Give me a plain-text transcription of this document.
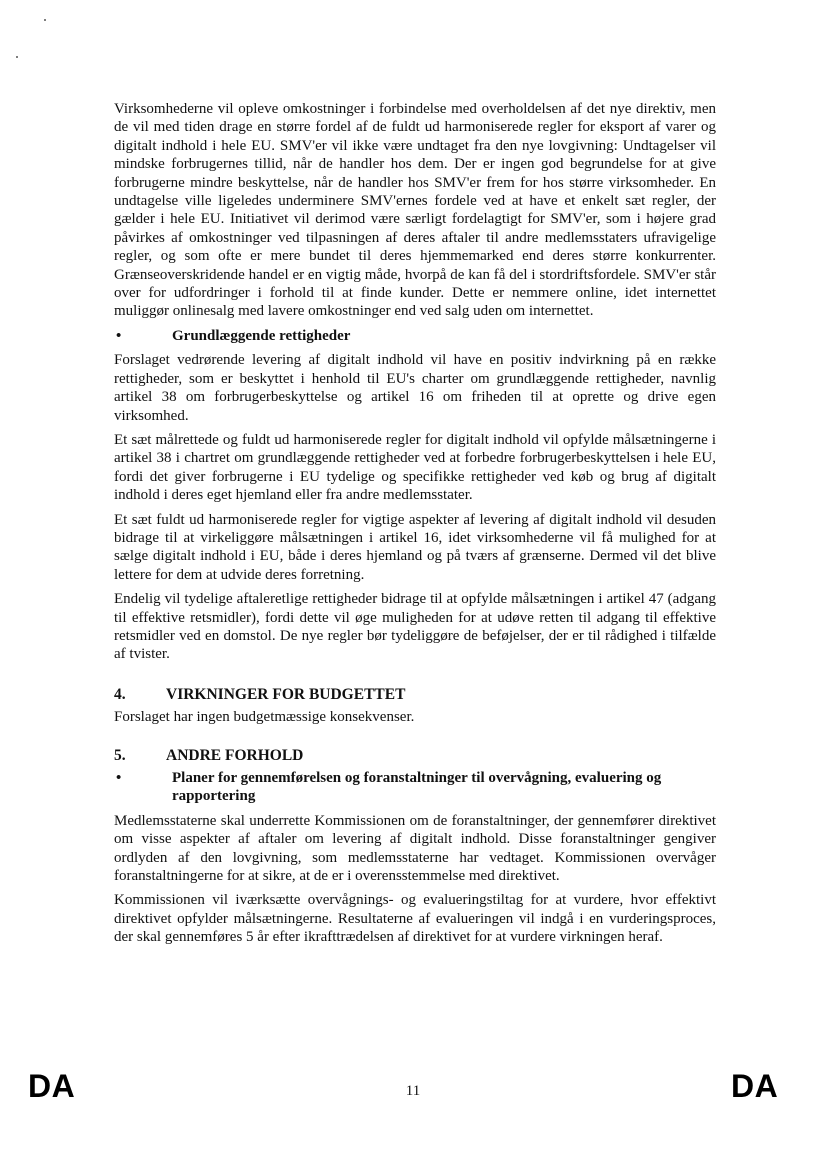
Virksomhederne vil opleve omkostninger i forbindelse med overholdelsen af det nye direktiv, men de vil med tiden drage en større fordel af de fuldt ud harmoniserede regler for eksport af varer og digitalt indhold i hele EU. SMV'er vil ikke være undtaget fra den nye lovgivning: Undtagelser vil mindske forbrugernes tillid, når de handler hos dem. Der er ingen god begrundelse for at give forbrugerne mindre beskyttelse, når de handler hos SMV'er frem for hos større virksomheder. En undtagelse ville ligeledes underminere SMV'ernes fordele ved at have et enkelt sæt regler, der gælder i hele EU. Initiativet vil derimod være særligt fordelagtigt for SMV'er, som i højere grad påvirkes af omkostninger ved tilpasningen af deres aftaler til andre medlemsstaters ufravigelige regler, og som ofte er mere bundet til deres hjemmemarked end deres større konkurrenter. Grænseoverskridende handel er en vigtig måde, hvorpå de kan få del i stordriftsfordele. SMV'er står over for udfordringer i forhold til at finde kunder. Dette er nemmere online, idet internettet muliggør onlinesalg med lavere omkostninger end ved salg uden om internettet.

•	Grundlæggende rettigheder

Forslaget vedrørende levering af digitalt indhold vil have en positiv indvirkning på en række rettigheder, som er beskyttet i henhold til EU's charter om grundlæggende rettigheder, navnlig artikel 38 om forbrugerbeskyttelse og artikel 16 om friheden til at oprette og drive egen virksomhed.

Et sæt målrettede og fuldt ud harmoniserede regler for digitalt indhold vil opfylde målsætningerne i artikel 38 i chartret om grundlæggende rettigheder ved at forbedre forbrugerbeskyttelsen i hele EU, fordi det giver forbrugerne i EU tydelige og specifikke rettigheder ved køb og brug af digitalt indhold i deres eget hjemland eller fra andre medlemsstater.

Et sæt fuldt ud harmoniserede regler for vigtige aspekter af levering af digitalt indhold vil desuden bidrage til at virkeliggøre målsætningen i artikel 16, idet virksomhederne vil få mulighed for at sælge digitalt indhold i EU, både i deres hjemland og på tværs af grænserne. Dermed vil det blive lettere for dem at udvide deres forretning.

Endelig vil tydelige aftaleretlige rettigheder bidrage til at opfylde målsætningen i artikel 47 (adgang til effektive retsmidler), fordi dette vil øge muligheden for at udøve retten til adgang til effektive retsmidler ved en domstol. De nye regler bør tydeliggøre de beføjelser, der er til rådighed i tilfælde af tvister.

4.	VIRKNINGER FOR BUDGETTET

Forslaget har ingen budgetmæssige konsekvenser.

5.	ANDRE FORHOLD
•	Planer for gennemførelsen og foranstaltninger til overvågning, evaluering og rapportering

Medlemsstaterne skal underrette Kommissionen om de foranstaltninger, der gennemfører direktivet om visse aspekter af aftaler om levering af digitalt indhold. Disse foranstaltninger gengiver ordlyden af den lovgivning, som medlemsstaterne har vedtaget. Kommissionen overvåger foranstaltningerne for at sikre, at de er i overensstemmelse med direktivet.

Kommissionen vil iværksætte overvågnings- og evalueringstiltag for at vurdere, hvor effektivt direktivet opfylder målsætningerne. Resultaterne af evalueringen vil indgå i en vurderingsproces, der skal gennemføres 5 år efter ikrafttrædelsen af direktivet for at vurdere virkningen heraf.

DA	11	DA
